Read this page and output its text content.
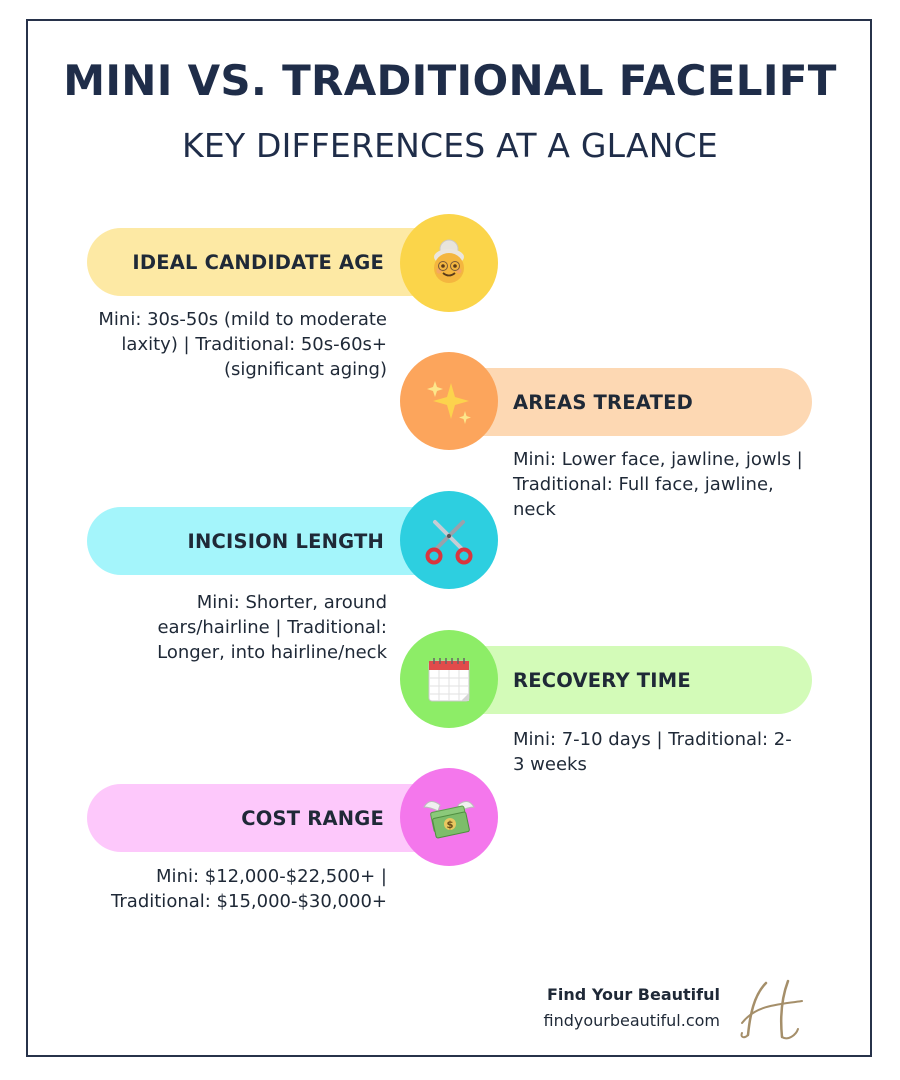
MINI VS. TRADITIONAL FACELIFT
KEY DIFFERENCES AT A GLANCE
IDEAL CANDIDATE AGE
Mini: 30s-50s (mild to moderate laxity) | Traditional: 50s-60s+ (significant aging)
AREAS TREATED
Mini: Lower face, jawline, jowls | Traditional: Full face, jawline, neck
INCISION LENGTH
Mini: Shorter, around ears/hairline | Traditional: Longer, into hairline/neck
RECOVERY TIME
Mini: 7-10 days | Traditional: 2-3 weeks
COST RANGE	$
Mini: $12,000-$22,500+ | Traditional: $15,000-$30,000+
Find Your Beautiful
findyourbeautiful.com
